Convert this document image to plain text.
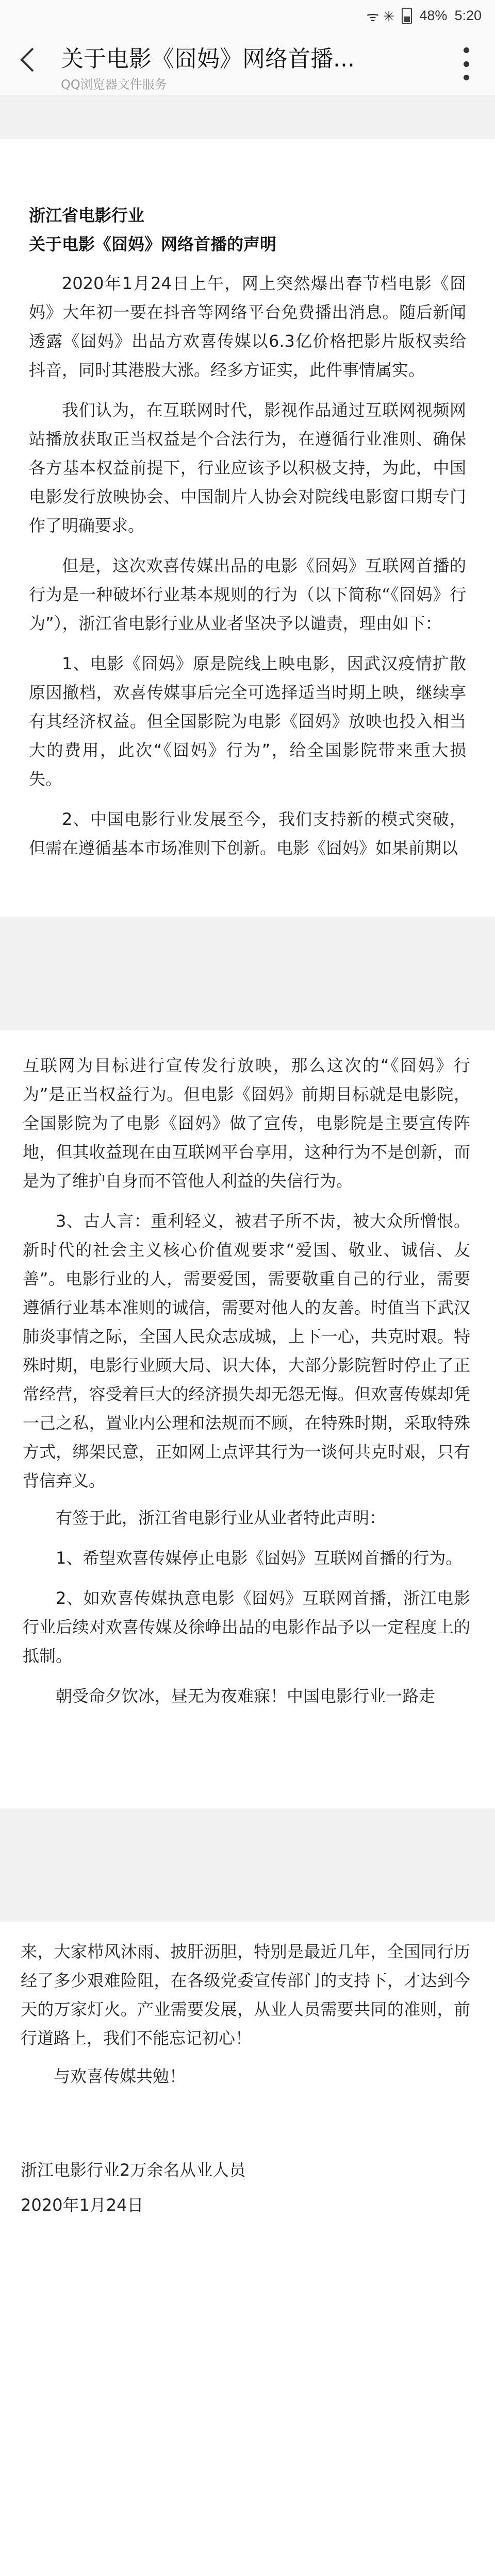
ᯤ ✳ 48% 5:20
关于电影《囧妈》网络首播...
QQ浏览器文件服务

浙江省电影行业

关于电影《囧妈》网络首播的声明

2020年1月24日上午，网上突然爆出春节档电影《囧妈》大年初一要在抖音等网络平台免费播出消息。随后新闻透露《囧妈》出品方欢喜传媒以6.3亿价格把影片版权卖给抖音，同时其港股大涨。经多方证实，此件事情属实。

我们认为，在互联网时代，影视作品通过互联网视频网站播放获取正当权益是个合法行为，在遵循行业准则、确保各方基本权益前提下，行业应该予以积极支持，为此，中国电影发行放映协会、中国制片人协会对院线电影窗口期专门作了明确要求。

但是，这次欢喜传媒出品的电影《囧妈》互联网首播的行为是一种破坏行业基本规则的行为（以下简称“《囧妈》行为”），浙江省电影行业从业者坚决予以谴责，理由如下：

1、电影《囧妈》原是院线上映电影，因武汉疫情扩散原因撤档，欢喜传媒事后完全可选择适当时期上映，继续享有其经济权益。但全国影院为电影《囧妈》放映也投入相当大的费用，此次“《囧妈》行为”，给全国影院带来重大损失。

2、中国电影行业发展至今，我们支持新的模式突破，但需在遵循基本市场准则下创新。电影《囧妈》如果前期以

互联网为目标进行宣传发行放映，那么这次的“《囧妈》行为”是正当权益行为。但电影《囧妈》前期目标就是电影院，全国影院为了电影《囧妈》做了宣传，电影院是主要宣传阵地，但其收益现在由互联网平台享用，这种行为不是创新，而是为了维护自身而不管他人利益的失信行为。

3、古人言：重利轻义，被君子所不齿，被大众所憎恨。新时代的社会主义核心价值观要求“爱国、敬业、诚信、友善”。电影行业的人，需要爱国，需要敬重自己的行业，需要遵循行业基本准则的诚信，需要对他人的友善。时值当下武汉肺炎事情之际，全国人民众志成城，上下一心，共克时艰。特殊时期，电影行业顾大局、识大体，大部分影院暂时停止了正常经营，容受着巨大的经济损失却无怨无悔。但欢喜传媒却凭一己之私，置业内公理和法规而不顾，在特殊时期，采取特殊方式，绑架民意，正如网上点评其行为一谈何共克时艰，只有背信弃义。

有签于此，浙江省电影行业从业者特此声明：

1、希望欢喜传媒停止电影《囧妈》互联网首播的行为。

2、如欢喜传媒执意电影《囧妈》互联网首播，浙江电影行业后续对欢喜传媒及徐峥出品的电影作品予以一定程度上的抵制。

朝受命夕饮冰，昼无为夜难寐！中国电影行业一路走

来，大家栉风沐雨、披肝沥胆，特别是最近几年，全国同行历经了多少艰难险阻，在各级党委宣传部门的支持下，才达到今天的万家灯火。产业需要发展，从业人员需要共同的准则，前行道路上，我们不能忘记初心！

与欢喜传媒共勉！

浙江电影行业2万余名从业人员

2020年1月24日
